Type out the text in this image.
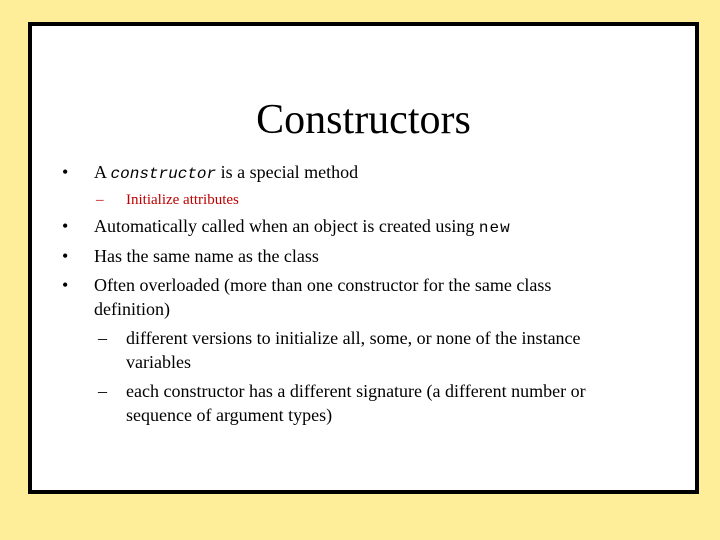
Constructors
• A constructor is a special method
– Initialize attributes
• Automatically called when an object is created using new
• Has the same name as the class
• Often overloaded (more than one constructor for the same class
definition)
– different versions to initialize all, some, or none of the instance
variables
– each constructor has a different signature (a different number or
sequence of argument types)
